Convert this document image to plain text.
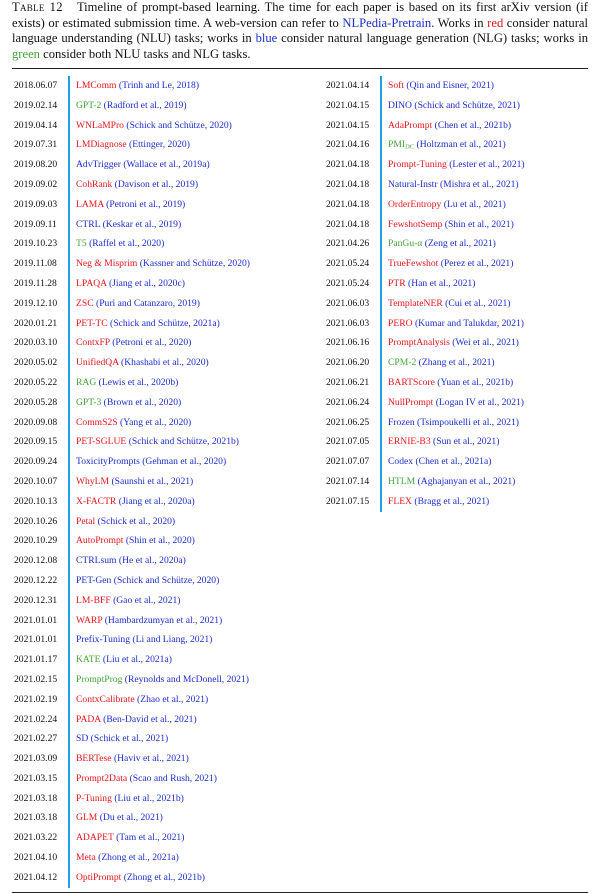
Table 12 Timeline of prompt-based learning. The time for each paper is based on its first arXiv version (if exists) or estimated submission time. A web-version can refer to NLPedia-Pretrain. Works in red consider natural language understanding (NLU) tasks; works in blue consider natural language generation (NLG) tasks; works in green consider both NLU tasks and NLG tasks.
2018.06.07	LMComm (Trinh and Le, 2018)
2019.02.14	GPT-2 (Radford et al., 2019)
2019.04.14	WNLaMPro (Schick and Schütze, 2020)
2019.07.31	LMDiagnose (Ettinger, 2020)
2019.08.20	AdvTrigger (Wallace et al., 2019a)
2019.09.02	CohRank (Davison et al., 2019)
2019.09.03	LAMA (Petroni et al., 2019)
2019.09.11	CTRL (Keskar et al., 2019)
2019.10.23	T5 (Raffel et al., 2020)
2019.11.08	Neg & Misprim (Kassner and Schütze, 2020)
2019.11.28	LPAQA (Jiang et al., 2020c)
2019.12.10	ZSC (Puri and Catanzaro, 2019)
2020.01.21	PET-TC (Schick and Schütze, 2021a)
2020.03.10	ContxFP (Petroni et al., 2020)
2020.05.02	UnifiedQA (Khashabi et al., 2020)
2020.05.22	RAG (Lewis et al., 2020b)
2020.05.28	GPT-3 (Brown et al., 2020)
2020.09.08	CommS2S (Yang et al., 2020)
2020.09.15	PET-SGLUE (Schick and Schütze, 2021b)
2020.09.24	ToxicityPrompts (Gehman et al., 2020)
2020.10.07	WhyLM (Saunshi et al., 2021)
2020.10.13	X-FACTR (Jiang et al., 2020a)
2020.10.26	Petal (Schick et al., 2020)
2020.10.29	AutoPrompt (Shin et al., 2020)
2020.12.08	CTRLsum (He et al., 2020a)
2020.12.22	PET-Gen (Schick and Schütze, 2020)
2020.12.31	LM-BFF (Gao et al., 2021)
2021.01.01	WARP (Hambardzumyan et al., 2021)
2021.01.01	Prefix-Tuning (Li and Liang, 2021)
2021.01.17	KATE (Liu et al., 2021a)
2021.02.15	PromptProg (Reynolds and McDonell, 2021)
2021.02.19	ContxCalibrate (Zhao et al., 2021)
2021.02.24	PADA (Ben-David et al., 2021)
2021.02.27	SD (Schick et al., 2021)
2021.03.09	BERTese (Haviv et al., 2021)
2021.03.15	Prompt2Data (Scao and Rush, 2021)
2021.03.18	P-Tuning (Liu et al., 2021b)
2021.03.18	GLM (Du et al., 2021)
2021.03.22	ADAPET (Tam et al., 2021)
2021.04.10	Meta (Zhong et al., 2021a)
2021.04.12	OptiPrompt (Zhong et al., 2021b)
2021.04.14	Soft (Qin and Eisner, 2021)
2021.04.15	DINO (Schick and Schütze, 2021)
2021.04.15	AdaPrompt (Chen et al., 2021b)
2021.04.16	$PMI_{DC}$ (Holtzman et al., 2021)
2021.04.18	Prompt-Tuning (Lester et al., 2021)
2021.04.18	Natural-Instr (Mishra et al., 2021)
2021.04.18	OrderEntropy (Lu et al., 2021)
2021.04.18	FewshotSemp (Shin et al., 2021)
2021.04.26	PanGu-α (Zeng et al., 2021)
2021.05.24	TrueFewshot (Perez et al., 2021)
2021.05.24	PTR (Han et al., 2021)
2021.06.03	TemplateNER (Cui et al., 2021)
2021.06.03	PERO (Kumar and Talukdar, 2021)
2021.06.16	PromptAnalysis (Wei et al., 2021)
2021.06.20	CPM-2 (Zhang et al., 2021)
2021.06.21	BARTScore (Yuan et al., 2021b)
2021.06.24	NullPrompt (Logan IV et al., 2021)
2021.06.25	Frozen (Tsimpoukelli et al., 2021)
2021.07.05	ERNIE-B3 (Sun et al., 2021)
2021.07.07	Codex (Chen et al., 2021a)
2021.07.14	HTLM (Aghajanyan et al., 2021)
2021.07.15	FLEX (Bragg et al., 2021)
